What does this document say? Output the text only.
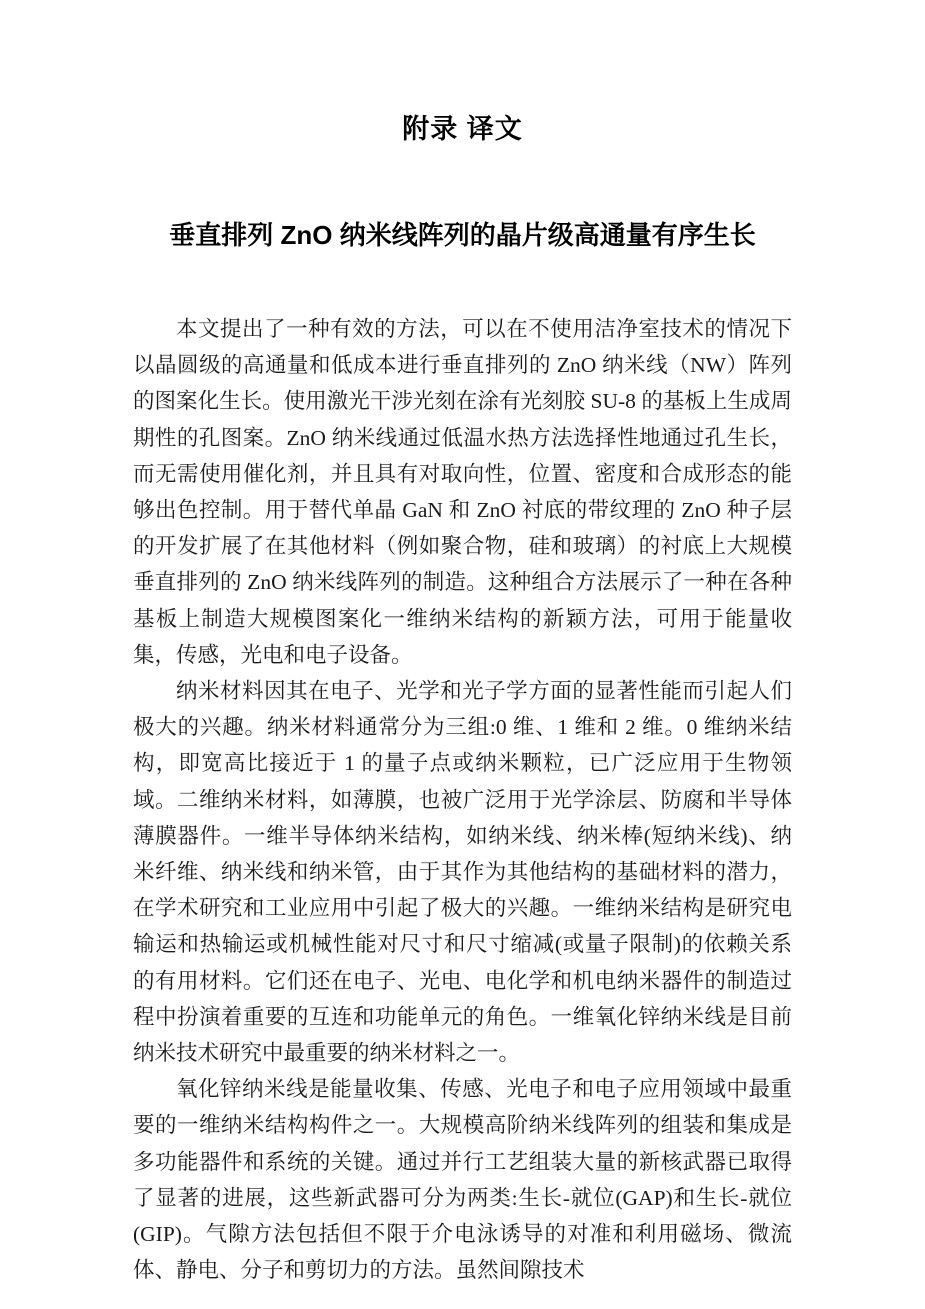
附录 译文
垂直排列 ZnO 纳米线阵列的晶片级高通量有序生长

本文提出了一种有效的方法，可以在不使用洁净室技术的情况下以晶圆级的高通量和低成本进行垂直排列的 ZnO 纳米线（NW）阵列的图案化生长。使用激光干涉光刻在涂有光刻胶 SU-8 的基板上生成周期性的孔图案。ZnO 纳米线通过低温水热方法选择性地通过孔生长，而无需使用催化剂，并且具有对取向性，位置、密度和合成形态的能够出色控制。用于替代单晶 GaN 和 ZnO 衬底的带纹理的 ZnO 种子层的开发扩展了在其他材料（例如聚合物，硅和玻璃）的衬底上大规模垂直排列的 ZnO 纳米线阵列的制造。这种组合方法展示了一种在各种基板上制造大规模图案化一维纳米结构的新颖方法，可用于能量收集，传感，光电和电子设备。

纳米材料因其在电子、光学和光子学方面的显著性能而引起人们极大的兴趣。纳米材料通常分为三组:0 维、1 维和 2 维。0 维纳米结构，即宽高比接近于 1 的量子点或纳米颗粒，已广泛应用于生物领域。二维纳米材料，如薄膜，也被广泛用于光学涂层、防腐和半导体薄膜器件。一维半导体纳米结构，如纳米线、纳米棒(短纳米线)、纳米纤维、纳米线和纳米管，由于其作为其他结构的基础材料的潜力，在学术研究和工业应用中引起了极大的兴趣。一维纳米结构是研究电输运和热输运或机械性能对尺寸和尺寸缩减(或量子限制)的依赖关系的有用材料。它们还在电子、光电、电化学和机电纳米器件的制造过程中扮演着重要的互连和功能单元的角色。一维氧化锌纳米线是目前纳米技术研究中最重要的纳米材料之一。

氧化锌纳米线是能量收集、传感、光电子和电子应用领域中最重要的一维纳米结构构件之一。大规模高阶纳米线阵列的组装和集成是多功能器件和系统的关键。通过并行工艺组装大量的新核武器已取得了显著的进展，这些新武器可分为两类:生长-就位(GAP)和生长-就位(GIP)。气隙方法包括但不限于介电泳诱导的对准和利用磁场、微流体、静电、分子和剪切力的方法。虽然间隙技术
